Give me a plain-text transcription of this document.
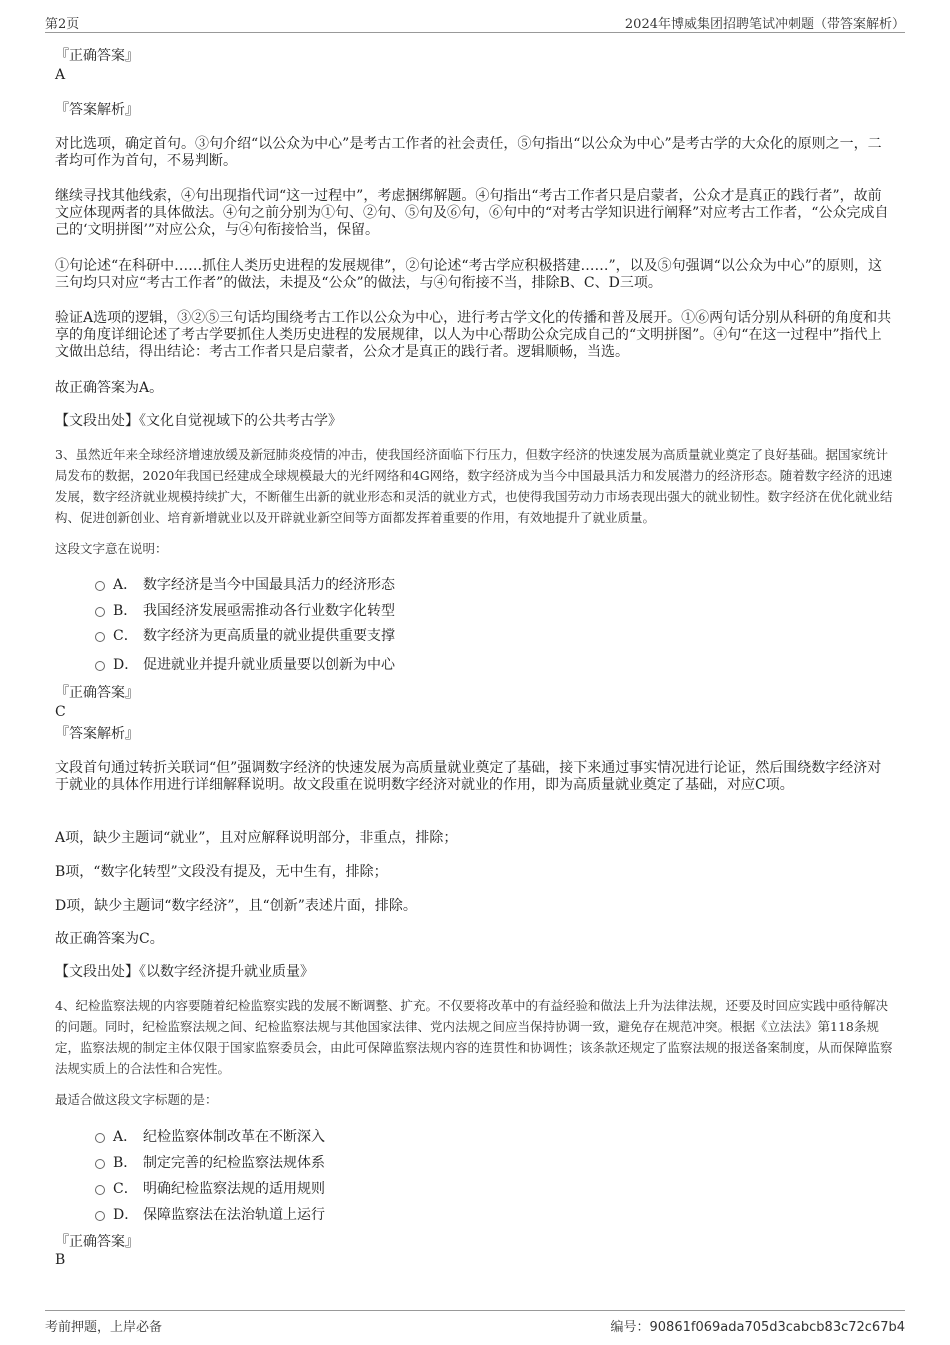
第2页	2024年博威集团招聘笔试冲刺题（带答案解析）
『正确答案』
A
『答案解析』
对比选项，确定首句。③句介绍“以公众为中心”是考古工作者的社会责任，⑤句指出“以公众为中心”是考古学的大众化的原则之一，二者均可作为首句，不易判断。
继续寻找其他线索，④句出现指代词“这一过程中”，考虑捆绑解题。④句指出“考古工作者只是启蒙者，公众才是真正的践行者”，故前文应体现两者的具体做法。④句之前分别为①句、②句、⑤句及⑥句，⑥句中的“对考古学知识进行阐释”对应考古工作者，“公众完成自己的‘文明拼图’”对应公众，与④句衔接恰当，保留。
①句论述“在科研中……抓住人类历史进程的发展规律”，②句论述“考古学应积极搭建……”，以及⑤句强调“以公众为中心”的原则，这三句均只对应“考古工作者”的做法，未提及“公众”的做法，与④句衔接不当，排除B、C、D三项。
验证A选项的逻辑，③②⑤三句话均围绕考古工作以公众为中心，进行考古学文化的传播和普及展开。①⑥两句话分别从科研的角度和共享的角度详细论述了考古学要抓住人类历史进程的发展规律，以人为中心帮助公众完成自己的“文明拼图”。④句“在这一过程中”指代上文做出总结，得出结论：考古工作者只是启蒙者，公众才是真正的践行者。逻辑顺畅，当选。
故正确答案为A。
【文段出处】《文化自觉视域下的公共考古学》
3、虽然近年来全球经济增速放缓及新冠肺炎疫情的冲击，使我国经济面临下行压力，但数字经济的快速发展为高质量就业奠定了良好基础。据国家统计局发布的数据，2020年我国已经建成全球规模最大的光纤网络和4G网络，数字经济成为当今中国最具活力和发展潜力的经济形态。随着数字经济的迅速发展，数字经济就业规模持续扩大，不断催生出新的就业形态和灵活的就业方式，也使得我国劳动力市场表现出强大的就业韧性。数字经济在优化就业结构、促进创新创业、培育新增就业以及开辟就业新空间等方面都发挥着重要的作用，有效地提升了就业质量。
这段文字意在说明：
A． 数字经济是当今中国最具活力的经济形态
B． 我国经济发展亟需推动各行业数字化转型
C． 数字经济为更高质量的就业提供重要支撑
D． 促进就业并提升就业质量要以创新为中心
『正确答案』
C
『答案解析』
文段首句通过转折关联词“但”强调数字经济的快速发展为高质量就业奠定了基础，接下来通过事实情况进行论证，然后围绕数字经济对于就业的具体作用进行详细解释说明。故文段重在说明数字经济对就业的作用，即为高质量就业奠定了基础，对应C项。
A项，缺少主题词“就业”，且对应解释说明部分，非重点，排除；
B项，“数字化转型”文段没有提及，无中生有，排除；
D项，缺少主题词“数字经济”，且“创新”表述片面，排除。
故正确答案为C。
【文段出处】《以数字经济提升就业质量》
4、纪检监察法规的内容要随着纪检监察实践的发展不断调整、扩充。不仅要将改革中的有益经验和做法上升为法律法规，还要及时回应实践中亟待解决的问题。同时，纪检监察法规之间、纪检监察法规与其他国家法律、党内法规之间应当保持协调一致，避免存在规范冲突。根据《立法法》第118条规定，监察法规的制定主体仅限于国家监察委员会，由此可保障监察法规内容的连贯性和协调性；该条款还规定了监察法规的报送备案制度，从而保障监察法规实质上的合法性和合宪性。
最适合做这段文字标题的是：
A． 纪检监察体制改革在不断深入
B． 制定完善的纪检监察法规体系
C． 明确纪检监察法规的适用规则
D． 保障监察法在法治轨道上运行
『正确答案』
B
考前押题，上岸必备	编号：90861f069ada705d3cabcb83c72c67b4
